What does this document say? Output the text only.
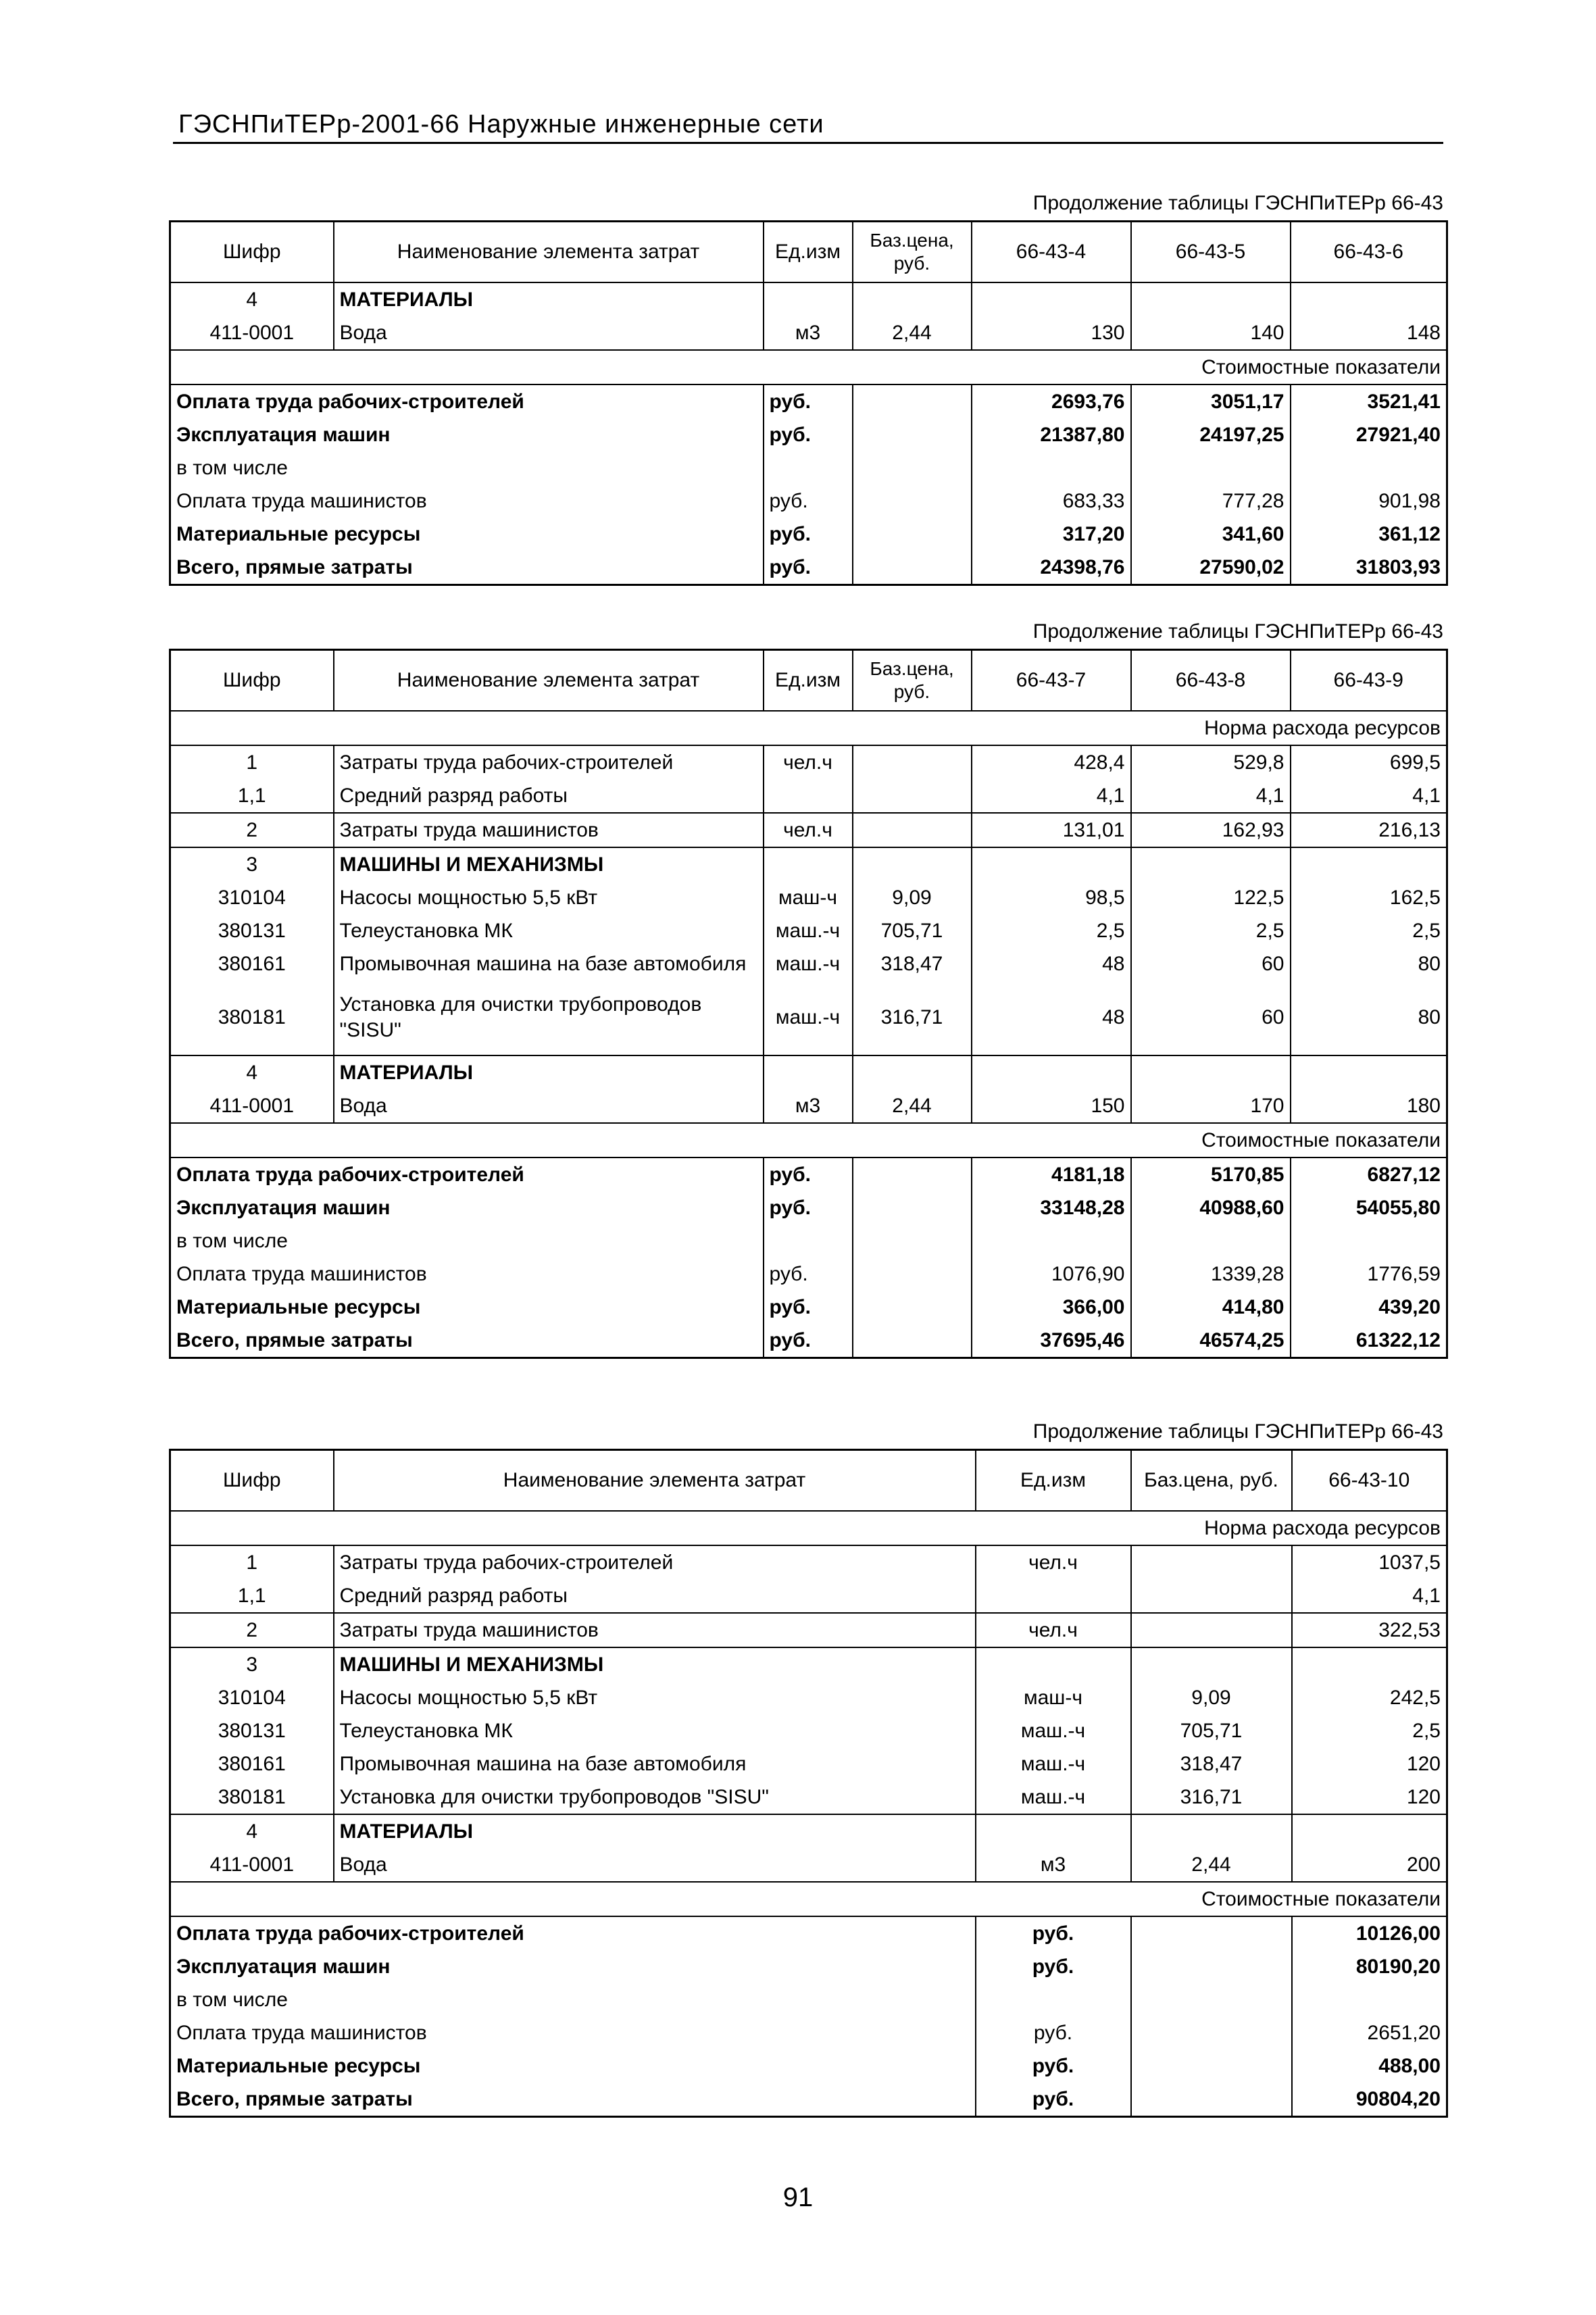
ГЭСНПиТЕРр-2001-66 Наружные инженерные сети
Продолжение таблицы ГЭСНПиТЕРр 66-43
Шифр	Наименование элемента затрат	Ед.изм	Баз.цена, руб.	66-43-4	66-43-5	66-43-6
4	МАТЕРИАЛЫ					
411-0001	Вода	м3	2,44	130	140	148
Стоимостные показатели						
Оплата труда рабочих-строителей		руб.		2693,76	3051,17	3521,41
Эксплуатация машин		руб.		21387,80	24197,25	27921,40
в том числе						
Оплата труда машинистов		руб.		683,33	777,28	901,98
Материальные ресурсы		руб.		317,20	341,60	361,12
Всего, прямые затраты		руб.		24398,76	27590,02	31803,93
Продолжение таблицы ГЭСНПиТЕРр 66-43
Шифр	Наименование элемента затрат	Ед.изм	Баз.цена, руб.	66-43-7	66-43-8	66-43-9
Норма расхода ресурсов						
1	Затраты труда рабочих-строителей	чел.ч		428,4	529,8	699,5
1,1	Средний разряд работы			4,1	4,1	4,1
2	Затраты труда машинистов	чел.ч		131,01	162,93	216,13
3	МАШИНЫ И МЕХАНИЗМЫ					
310104	Насосы мощностью 5,5 кВт	маш-ч	9,09	98,5	122,5	162,5
380131	Телеустановка МК	маш.-ч	705,71	2,5	2,5	2,5
380161	Промывочная машина на базе автомобиля	маш.-ч	318,47	48	60	80
380181	Установка для очистки трубопроводов "SISU"	маш.-ч	316,71	48	60	80
4	МАТЕРИАЛЫ					
411-0001	Вода	м3	2,44	150	170	180
Стоимостные показатели						
Оплата труда рабочих-строителей		руб.		4181,18	5170,85	6827,12
Эксплуатация машин		руб.		33148,28	40988,60	54055,80
в том числе						
Оплата труда машинистов		руб.		1076,90	1339,28	1776,59
Материальные ресурсы		руб.		366,00	414,80	439,20
Всего, прямые затраты		руб.		37695,46	46574,25	61322,12
Продолжение таблицы ГЭСНПиТЕРр 66-43
Шифр	Наименование элемента затрат	Ед.изм	Баз.цена, руб.	66-43-10
Норма расхода ресурсов				
1	Затраты труда рабочих-строителей	чел.ч		1037,5
1,1	Средний разряд работы			4,1
2	Затраты труда машинистов	чел.ч		322,53
3	МАШИНЫ И МЕХАНИЗМЫ			
310104	Насосы мощностью 5,5 кВт	маш-ч	9,09	242,5
380131	Телеустановка МК	маш.-ч	705,71	2,5
380161	Промывочная машина на базе автомобиля	маш.-ч	318,47	120
380181	Установка для очистки трубопроводов "SISU"	маш.-ч	316,71	120
4	МАТЕРИАЛЫ			
411-0001	Вода	м3	2,44	200
Стоимостные показатели				
Оплата труда рабочих-строителей		руб.		10126,00
Эксплуатация машин		руб.		80190,20
в том числе				
Оплата труда машинистов		руб.		2651,20
Материальные ресурсы		руб.		488,00
Всего, прямые затраты		руб.		90804,20
91
